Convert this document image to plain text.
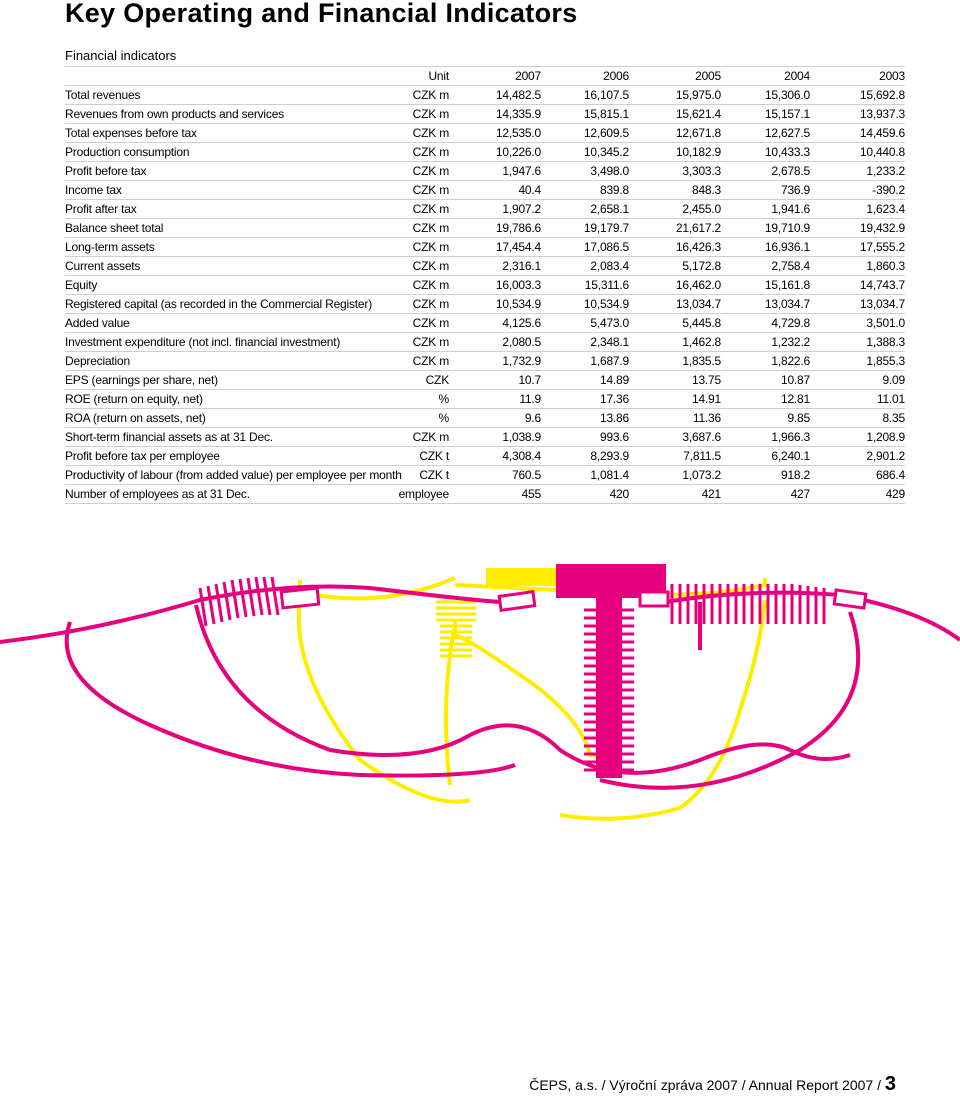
Key Operating and Financial Indicators
Financial indicators
	Unit	2007	2006	2005	2004	2003
Total revenues	CZK m	14,482.5	16,107.5	15,975.0	15,306.0	15,692.8
Revenues from own products and services	CZK m	14,335.9	15,815.1	15,621.4	15,157.1	13,937.3
Total expenses before tax	CZK m	12,535.0	12,609.5	12,671.8	12,627.5	14,459.6
Production consumption	CZK m	10,226.0	10,345.2	10,182.9	10,433.3	10,440.8
Profit before tax	CZK m	1,947.6	3,498.0	3,303.3	2,678.5	1,233.2
Income tax	CZK m	40.4	839.8	848.3	736.9	-390.2
Profit after tax	CZK m	1,907.2	2,658.1	2,455.0	1,941.6	1,623.4
Balance sheet total	CZK m	19,786.6	19,179.7	21,617.2	19,710.9	19,432.9
Long-term assets	CZK m	17,454.4	17,086.5	16,426.3	16,936.1	17,555.2
Current assets	CZK m	2,316.1	2,083.4	5,172.8	2,758.4	1,860.3
Equity	CZK m	16,003.3	15,311.6	16,462.0	15,161.8	14,743.7
Registered capital (as recorded in the Commercial Register)	CZK m	10,534.9	10,534.9	13,034.7	13,034.7	13,034.7
Added value	CZK m	4,125.6	5,473.0	5,445.8	4,729.8	3,501.0
Investment expenditure (not incl. financial investment)	CZK m	2,080.5	2,348.1	1,462.8	1,232.2	1,388.3
Depreciation	CZK m	1,732.9	1,687.9	1,835.5	1,822.6	1,855.3
EPS (earnings per share, net)	CZK	10.7	14.89	13.75	10.87	9.09
ROE (return on equity, net)	%	11.9	17.36	14.91	12.81	11.01
ROA (return on assets, net)	%	9.6	13.86	11.36	9.85	8.35
Short-term financial assets as at 31 Dec.	CZK m	1,038.9	993.6	3,687.6	1,966.3	1,208.9
Profit before tax per employee	CZK t	4,308.4	8,293.9	7,811.5	6,240.1	2,901.2
Productivity of labour (from added value) per employee per month	CZK t	760.5	1,081.4	1,073.2	918.2	686.4
Number of employees as at 31 Dec.	employee	455	420	421	427	429
ČEPS, a.s. / Výroční zpráva 2007 / Annual Report 2007 / 3
